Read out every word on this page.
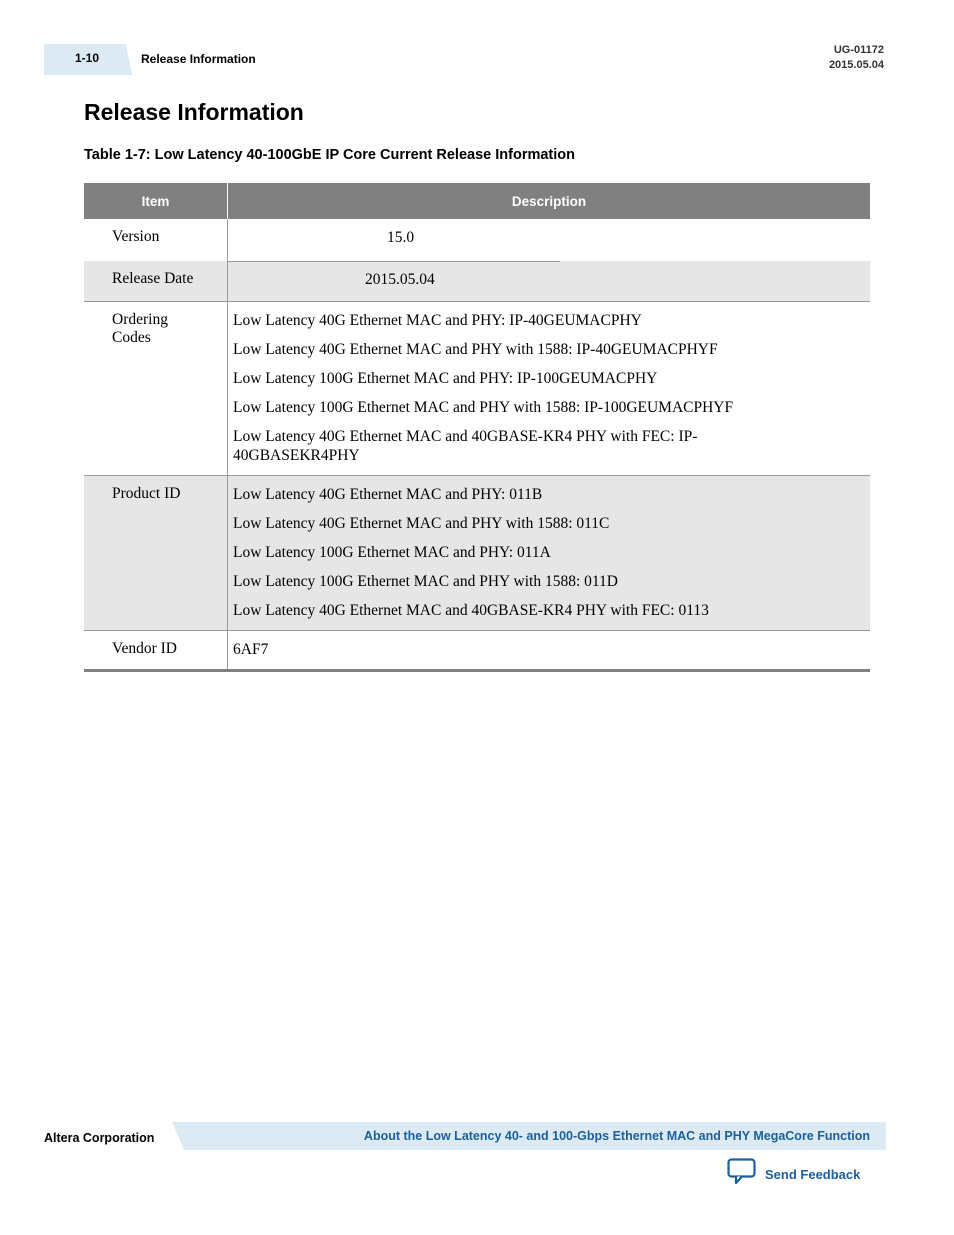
1-10	Release Information
UG-01172
2015.05.04
Release Information
Table 1-7: Low Latency 40-100GbE IP Core Current Release Information
Item	Description
Version	15.0

Release Date	2015.05.04

Ordering Codes	Low Latency 40G Ethernet MAC and PHY: IP-40GEUMACPHY
Low Latency 40G Ethernet MAC and PHY with 1588: IP-40GEUMACPHYF
Low Latency 100G Ethernet MAC and PHY: IP-100GEUMACPHY
Low Latency 100G Ethernet MAC and PHY with 1588: IP-100GEUMACPHYF
Low Latency 40G Ethernet MAC and 40GBASE-KR4 PHY with FEC: IP-40GBASEKR4PHY

Product ID	Low Latency 40G Ethernet MAC and PHY: 011B
Low Latency 40G Ethernet MAC and PHY with 1588: 011C
Low Latency 100G Ethernet MAC and PHY: 011A
Low Latency 100G Ethernet MAC and PHY with 1588: 011D
Low Latency 40G Ethernet MAC and 40GBASE-KR4 PHY with FEC: 0113

Vendor ID	6AF7
Altera Corporation	About the Low Latency 40- and 100-Gbps Ethernet MAC and PHY MegaCore Function
Send Feedback
